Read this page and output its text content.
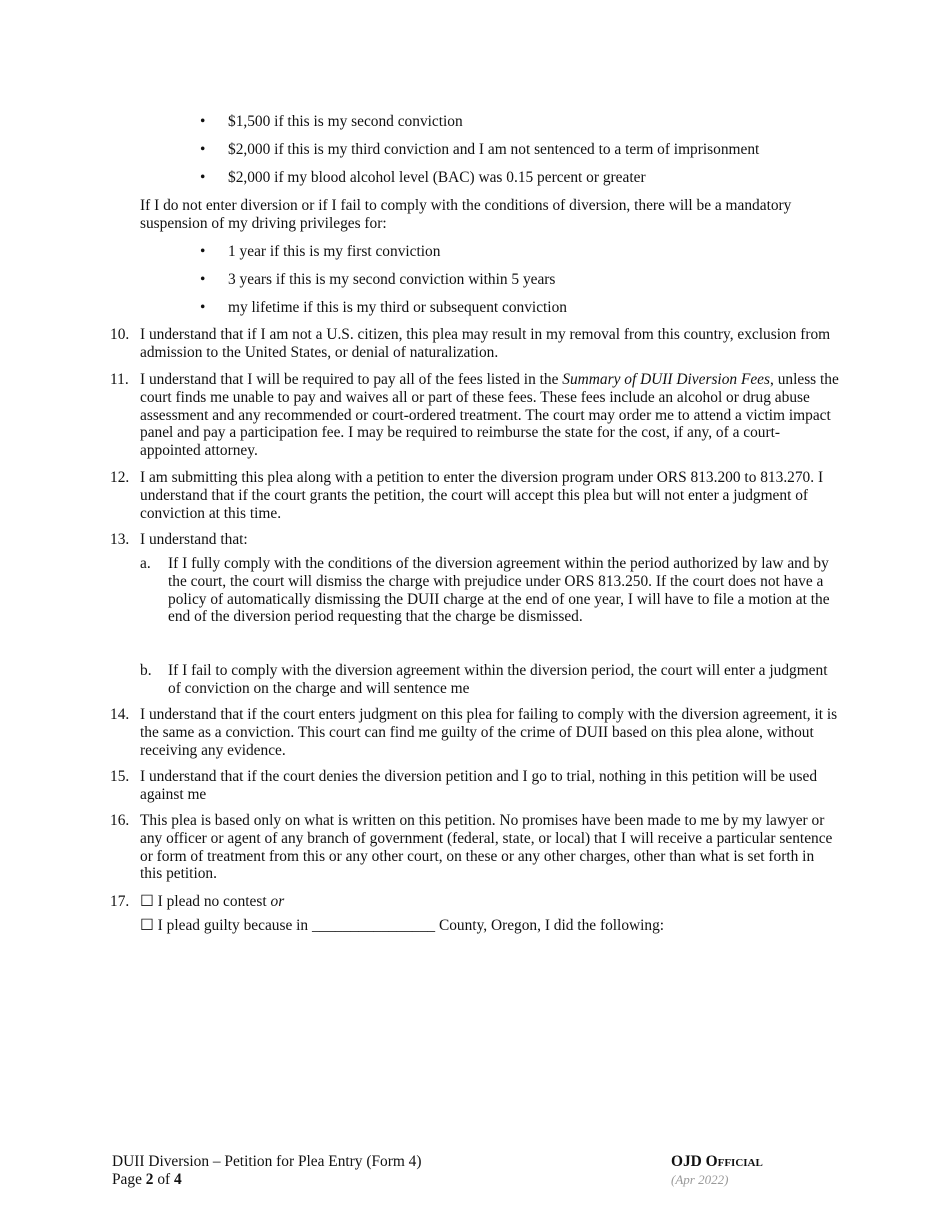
• $1,500 if this is my second conviction
• $2,000 if this is my third conviction and I am not sentenced to a term of imprisonment
• $2,000 if my blood alcohol level (BAC) was 0.15 percent or greater

If I do not enter diversion or if I fail to comply with the conditions of diversion, there will be a mandatory suspension of my driving privileges for:

• 1 year if this is my first conviction
• 3 years if this is my second conviction within 5 years
• my lifetime if this is my third or subsequent conviction
10. I understand that if I am not a U.S. citizen, this plea may result in my removal from this country, exclusion from admission to the United States, or denial of naturalization.
11. I understand that I will be required to pay all of the fees listed in the Summary of DUII Diversion Fees, unless the court finds me unable to pay and waives all or part of these fees. These fees include an alcohol or drug abuse assessment and any recommended or court-ordered treatment. The court may order me to attend a victim impact panel and pay a participation fee. I may be required to reimburse the state for the cost, if any, of a court-appointed attorney.
12. I am submitting this plea along with a petition to enter the diversion program under ORS 813.200 to 813.270. I understand that if the court grants the petition, the court will accept this plea but will not enter a judgment of conviction at this time.
13. I understand that:
a. If I fully comply with the conditions of the diversion agreement within the period authorized by law and by the court, the court will dismiss the charge with prejudice under ORS 813.250. If the court does not have a policy of automatically dismissing the DUII charge at the end of one year, I will have to file a motion at the end of the diversion period requesting that the charge be dismissed.
b. If I fail to comply with the diversion agreement within the diversion period, the court will enter a judgment of conviction on the charge and will sentence me
14. I understand that if the court enters judgment on this plea for failing to comply with the diversion agreement, it is the same as a conviction. This court can find me guilty of the crime of DUII based on this plea alone, without receiving any evidence.
15. I understand that if the court denies the diversion petition and I go to trial, nothing in this petition will be used against me
16. This plea is based only on what is written on this petition. No promises have been made to me by my lawyer or any officer or agent of any branch of government (federal, state, or local) that I will receive a particular sentence or form of treatment from this or any other court, on these or any other charges, other than what is set forth in this petition.
17. ☐ I plead no contest or
☐ I plead guilty because in ________________ County, Oregon, I did the following:
DUII Diversion – Petition for Plea Entry (Form 4)
Page 2 of 4
OJD Official
(Apr 2022)
